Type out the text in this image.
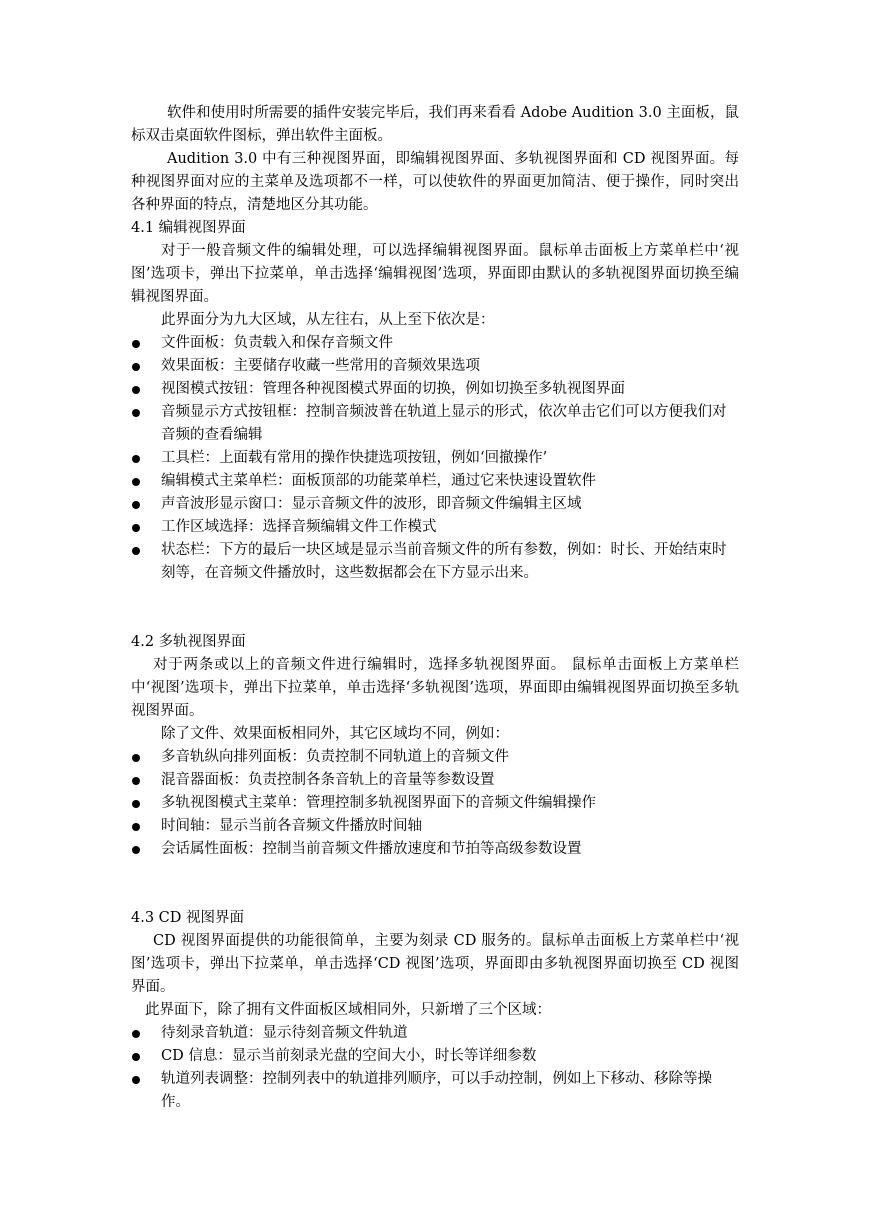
软件和使用时所需要的插件安装完毕后，我们再来看看 Adobe Audition 3.0 主面板，鼠标双击桌面软件图标，弹出软件主面板。

Audition 3.0 中有三种视图界面，即编辑视图界面、多轨视图界面和 CD 视图界面。每种视图界面对应的主菜单及选项都不一样，可以使软件的界面更加简洁、便于操作，同时突出各种界面的特点，清楚地区分其功能。

4.1 编辑视图界面

对于一般音频文件的编辑处理，可以选择编辑视图界面。鼠标单击面板上方菜单栏中‘视图’选项卡，弹出下拉菜单，单击选择‘编辑视图’选项，界面即由默认的多轨视图界面切换至编辑视图界面。

此界面分为九大区域，从左往右，从上至下依次是：

文件面板：负责载入和保存音频文件

效果面板：主要储存收藏一些常用的音频效果选项

视图模式按钮：管理各种视图模式界面的切换，例如切换至多轨视图界面

音频显示方式按钮框：控制音频波普在轨道上显示的形式，依次单击它们可以方便我们对音频的查看编辑

工具栏：上面载有常用的操作快捷选项按钮，例如‘回撤操作’

编辑模式主菜单栏：面板顶部的功能菜单栏，通过它来快速设置软件

声音波形显示窗口：显示音频文件的波形，即音频文件编辑主区域

工作区域选择：选择音频编辑文件工作模式

状态栏：下方的最后一块区域是显示当前音频文件的所有参数，例如：时长、开始结束时刻等，在音频文件播放时，这些数据都会在下方显示出来。

4.2 多轨视图界面

对于两条或以上的音频文件进行编辑时，选择多轨视图界面。 鼠标单击面板上方菜单栏中‘视图’选项卡，弹出下拉菜单，单击选择‘多轨视图’选项，界面即由编辑视图界面切换至多轨视图界面。

除了文件、效果面板相同外，其它区域均不同，例如：

多音轨纵向排列面板：负责控制不同轨道上的音频文件

混音器面板：负责控制各条音轨上的音量等参数设置

多轨视图模式主菜单：管理控制多轨视图界面下的音频文件编辑操作

时间轴：显示当前各音频文件播放时间轴

会话属性面板：控制当前音频文件播放速度和节拍等高级参数设置

4.3 CD 视图界面

CD 视图界面提供的功能很简单，主要为刻录 CD 服务的。鼠标单击面板上方菜单栏中‘视图’选项卡，弹出下拉菜单，单击选择‘CD 视图’选项，界面即由多轨视图界面切换至 CD 视图界面。

此界面下，除了拥有文件面板区域相同外，只新增了三个区域：

待刻录音轨道：显示待刻音频文件轨道

CD 信息：显示当前刻录光盘的空间大小，时长等详细参数

轨道列表调整：控制列表中的轨道排列顺序，可以手动控制，例如上下移动、移除等操作。
